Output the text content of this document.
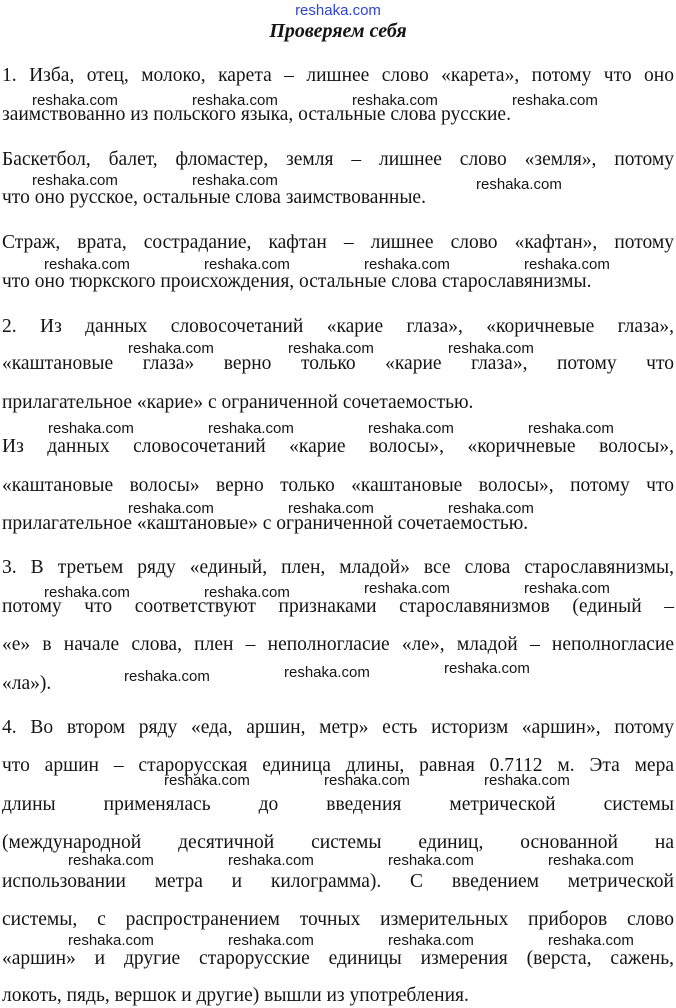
reshaka.com
Проверяем себя
reshaka.com	reshaka.com	reshaka.com	reshaka.com
reshaka.com	reshaka.com	reshaka.com
reshaka.com	reshaka.com	reshaka.com	reshaka.com
reshaka.com	reshaka.com	reshaka.com
reshaka.com	reshaka.com	reshaka.com	reshaka.com
reshaka.com	reshaka.com	reshaka.com
reshaka.com	reshaka.com	reshaka.com	reshaka.com
reshaka.com	reshaka.com	reshaka.com
reshaka.com	reshaka.com	reshaka.com
reshaka.com	reshaka.com	reshaka.com	reshaka.com
reshaka.com	reshaka.com	reshaka.com	reshaka.com
1. Изба, отец, молоко, карета – лишнее слово «карета», потому что оно
заимствованно из польского языка, остальные слова русские.
Баскетбол, балет, фломастер, земля – лишнее слово «земля», потому
что оно русское, остальные слова заимствованные.
Страж, врата, сострадание, кафтан – лишнее слово «кафтан», потому
что оно тюркского происхождения, остальные слова старославянизмы.
2. Из данных словосочетаний «карие глаза», «коричневые глаза»,
«каштановые глаза» верно только «карие глаза», потому что
прилагательное «карие» с ограниченной сочетаемостью.
Из данных словосочетаний «карие волосы», «коричневые волосы»,
«каштановые волосы» верно только «каштановые волосы», потому что
прилагательное «каштановые» с ограниченной сочетаемостью.
3. В третьем ряду «единый, плен, младой» все слова старославянизмы,
потому что соответствуют признаками старославянизмов (единый –
«е» в начале слова, плен – неполногласие «ле», младой – неполногласие
«ла»).
4. Во втором ряду «еда, аршин, метр» есть историзм «аршин», потому
что аршин – старорусская единица длины, равная 0.7112 м. Эта мера
длины применялась до введения метрической системы
(международной десятичной системы единиц, основанной на
использовании метра и килограмма). С введением метрической
системы, с распространением точных измерительных приборов слово
«аршин» и другие старорусские единицы измерения (верста, сажень,
локоть, пядь, вершок и другие) вышли из употребления.
